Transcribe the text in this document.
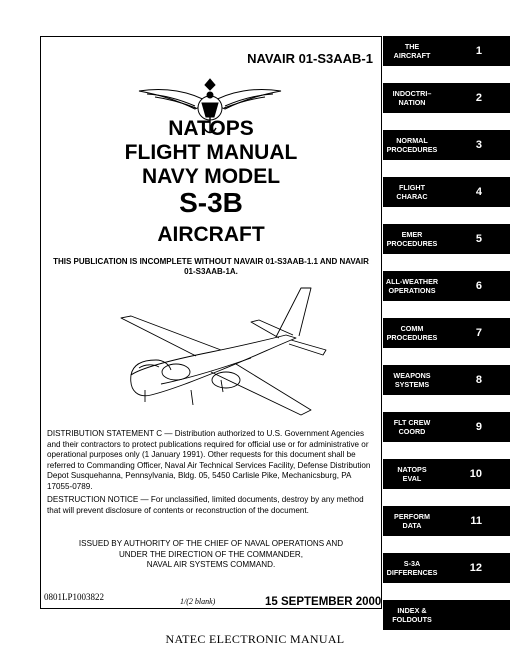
NAVAIR 01-S3AAB-1
NATOPS
FLIGHT MANUAL
NAVY MODEL
S-3B
AIRCRAFT
THIS PUBLICATION IS INCOMPLETE WITHOUT NAVAIR 01-S3AAB-1.1 AND NAVAIR 01-S3AAB-1A.
DISTRIBUTION STATEMENT C — Distribution authorized to U.S. Government Agencies and their contractors to protect publications required for official use or for administrative or operational purposes only (1 January 1991). Other requests for this document shall be referred to Commanding Officer, Naval Air Technical Services Facility, Defense Distribution Depot Susquehanna, Pennsylvania, Bldg. 05, 5450 Carlisle Pike, Mechanicsburg, PA 17055-0789.
DESTRUCTION NOTICE — For unclassified, limited documents, destroy by any method that will prevent disclosure of contents or reconstruction of the document.
ISSUED BY AUTHORITY OF THE CHIEF OF NAVAL OPERATIONS AND
UNDER THE DIRECTION OF THE COMMANDER,
NAVAL AIR SYSTEMS COMMAND.
0801LP1003822	1/(2 blank)	15 SEPTEMBER 2000
NATEC ELECTRONIC MANUAL
THE
AIRCRAFT	1
INDOCTRI–
NATION	2
NORMAL
PROCEDURES	3
FLIGHT
CHARAC	4
EMER
PROCEDURES	5
ALL-WEATHER
OPERATIONS	6
COMM
PROCEDURES	7
WEAPONS
SYSTEMS	8
FLT CREW
COORD	9
NATOPS
EVAL	10
PERFORM
DATA	11
S-3A
DIFFERENCES	12
INDEX &
FOLDOUTS
